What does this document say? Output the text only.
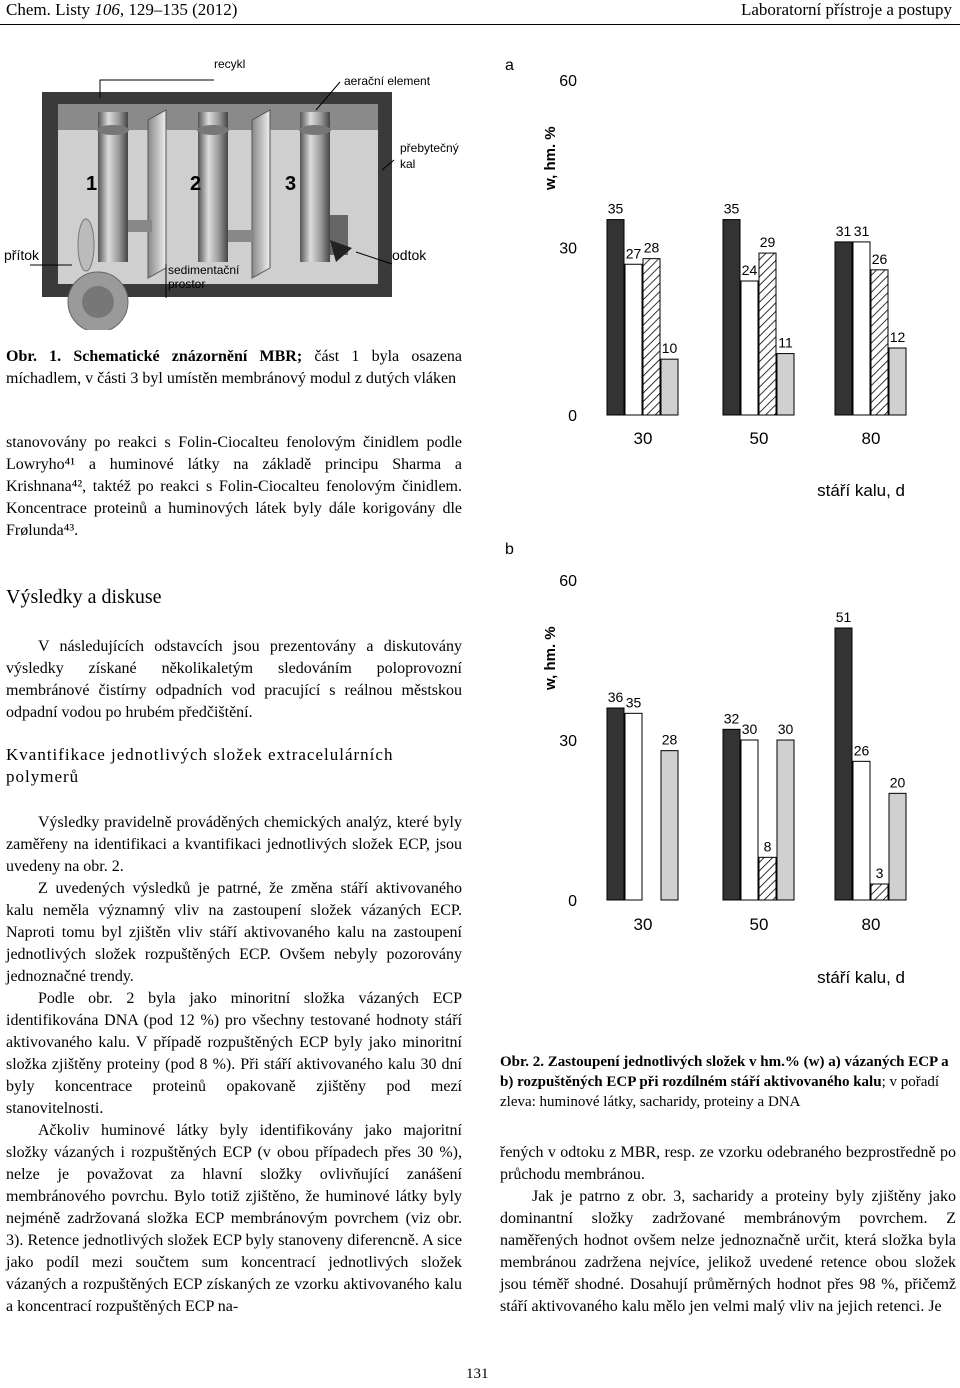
Chem. Listy 106, 129–135 (2012)	Laboratorní přístroje a postupy
recykl
aerační element
přebytečný
kal
přítok	odtok
sedimentační
prostor
1	2	3
Obr. 1. Schematické znázornění MBR; část 1 byla osazena míchadlem, v části 3 byl umístěn membránový modul z dutých vláken
stanovovány po reakci s Folin-Ciocalteu fenolovým činidlem podle Lowryho⁴¹ a huminové látky na základě principu Sharma a Krishnana⁴², taktéž po reakci s Folin-Ciocalteu fenolovým činidlem. Koncentrace proteinů a huminových látek byly dále korigovány dle Frølunda⁴³.
Výsledky a diskuse
V následujících odstavcích jsou prezentovány a diskutovány výsledky získané několikaletým sledováním poloprovozní membránové čistírny odpadních vod pracující s reálnou městskou odpadní vodou po hrubém předčištění.
Kvantifikace jednotlivých složek extracelulárních polymerů

Výsledky pravidelně prováděných chemických analýz, které byly zaměřeny na identifikaci a kvantifikaci jednotlivých složek ECP, jsou uvedeny na obr. 2.

Z uvedených výsledků je patrné, že změna stáří aktivovaného kalu neměla významný vliv na zastoupení složek vázaných ECP. Naproti tomu byl zjištěn vliv stáří aktivovaného kalu na zastoupení jednotlivých složek rozpuštěných ECP. Ovšem nebyly pozorovány jednoznačné trendy.

Podle obr. 2 byla jako minoritní složka vázaných ECP identifikována DNA (pod 12 %) pro všechny testované hodnoty stáří aktivovaného kalu. V případě rozpuštěných ECP byly jako minoritní složka zjištěny proteiny (pod 8 %). Při stáří aktivovaného kalu 30 dní byly koncentrace proteinů opakovaně zjištěny pod mezí stanovitelnosti.

Ačkoliv huminové látky byly identifikovány jako majoritní složky vázaných i rozpuštěných ECP (v obou případech přes 30 %), nelze je považovat za hlavní složky ovlivňující zanášení membránového povrchu. Bylo totiž zjištěno, že huminové látky byly nejméně zadržovaná složka ECP membránovým povrchem (viz obr. 3). Retence jednotlivých složek ECP byly stanoveny diferencně. A sice jako podíl mezi součtem sum koncentrací jednotlivých složek vázaných a rozpuštěných ECP získaných ze vzorku aktivovaného kalu a koncentrací rozpuštěných ECP na-

a
w, hm. %
0
30
60
35
27 28
10
30
35
24
29
11
50
31 31
26
12
80
stáří kalu, d
b
w, hm. %
0
30
60
36 35
28
30
32
30
8
30
50
51
26
3
20
80
stáří kalu, d
Obr. 2. Zastoupení jednotlivých složek v hm.% (w) a) vázaných ECP a b) rozpuštěných ECP při rozdílném stáří aktivovaného kalu; v pořadí zleva: huminové látky, sacharidy, proteiny a DNA

řených v odtoku z MBR, resp. ze vzorku odebraného bezprostředně po průchodu membránou.

Jak je patrno z obr. 3, sacharidy a proteiny byly zjištěny jako dominantní složky zadržované membránovým povrchem. Z naměřených hodnot ovšem nelze jednoznačně určit, která složka byla membránou zadržena nejvíce, jelikož uvedené retence obou složek jsou téměř shodné. Dosahují průměrných hodnot přes 98 %, přičemž stáří aktivovaného kalu mělo jen velmi malý vliv na jejich retenci. Je

131
